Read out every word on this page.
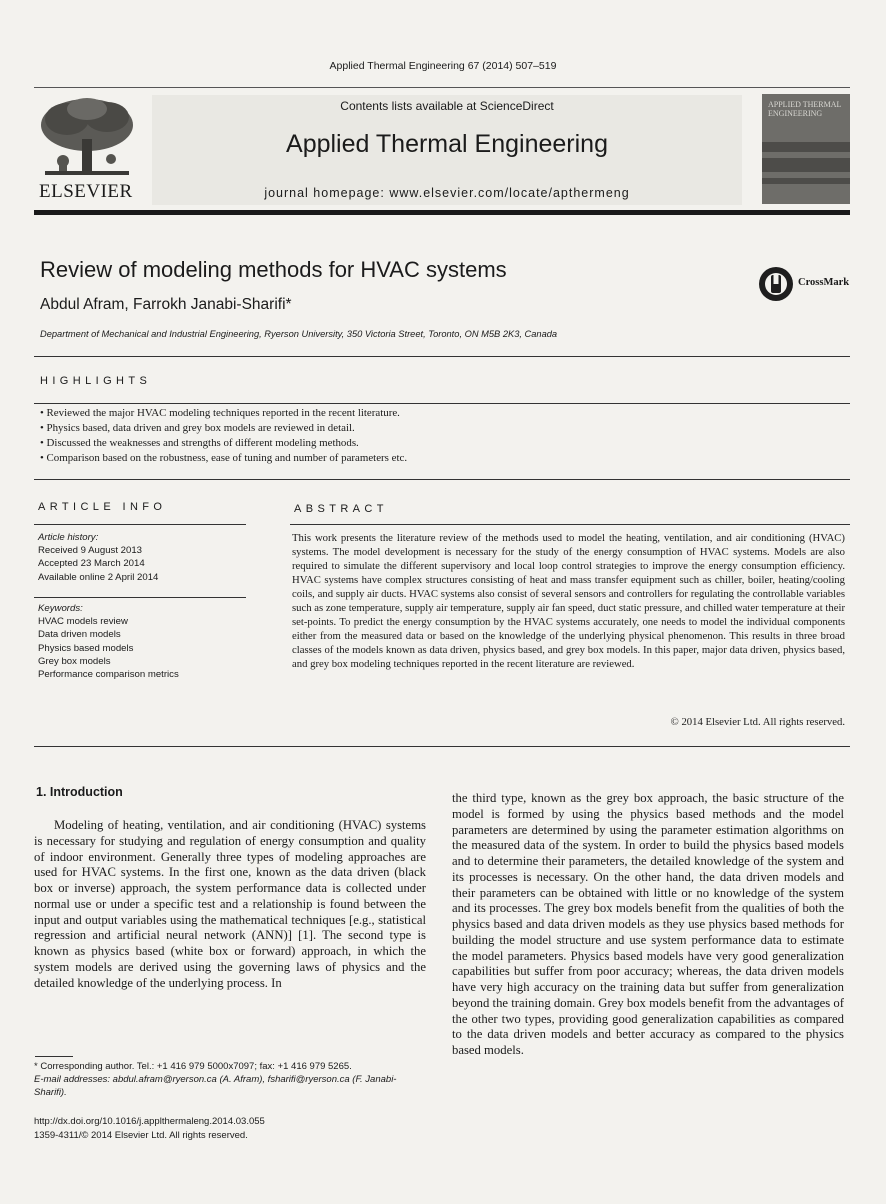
Applied Thermal Engineering 67 (2014) 507–519
ELSEVIER
Contents lists available at ScienceDirect
Applied Thermal Engineering
journal homepage: www.elsevier.com/locate/apthermeng
APPLIED THERMAL ENGINEERING
Review of modeling methods for HVAC systems
Abdul Afram, Farrokh Janabi-Sharifi*
Department of Mechanical and Industrial Engineering, Ryerson University, 350 Victoria Street, Toronto, ON M5B 2K3, Canada
CrossMark
HIGHLIGHTS
• Reviewed the major HVAC modeling techniques reported in the recent literature.
• Physics based, data driven and grey box models are reviewed in detail.
• Discussed the weaknesses and strengths of different modeling methods.
• Comparison based on the robustness, ease of tuning and number of parameters etc.
ARTICLE INFO
Article history:
Received 9 August 2013
Accepted 23 March 2014
Available online 2 April 2014
Keywords:
HVAC models review
Data driven models
Physics based models
Grey box models
Performance comparison metrics
ABSTRACT

This work presents the literature review of the methods used to model the heating, ventilation, and air conditioning (HVAC) systems. The model development is necessary for the study of the energy consumption of HVAC systems. Models are also required to simulate the different supervisory and local loop control strategies to improve the energy consumption efficiency. HVAC systems have complex structures consisting of heat and mass transfer equipment such as chiller, boiler, heating/cooling coils, and supply air ducts. HVAC systems also consist of several sensors and controllers for regulating the controllable variables such as zone temperature, supply air temperature, supply air fan speed, duct static pressure, and chilled water temperature at their set-points. To predict the energy consumption by the HVAC systems accurately, one needs to model the individual components either from the measured data or based on the knowledge of the underlying physical phenomenon. This results in three broad classes of the models known as data driven, physics based, and grey box models. In this paper, major data driven, physics based, and grey box modeling techniques reported in the recent literature are reviewed.

© 2014 Elsevier Ltd. All rights reserved.
1. Introduction

Modeling of heating, ventilation, and air conditioning (HVAC) systems is necessary for studying and regulation of energy consumption and quality of indoor environment. Generally three types of modeling approaches are used for HVAC systems. In the first one, known as the data driven (black box or inverse) approach, the system performance data is collected under normal use or under a specific test and a relationship is found between the input and output variables using the mathematical techniques [e.g., statistical regression and artificial neural network (ANN)] [1]. The second type is known as physics based (white box or forward) approach, in which the system models are derived using the governing laws of physics and the detailed knowledge of the underlying process. In

the third type, known as the grey box approach, the basic structure of the model is formed by using the physics based methods and the model parameters are determined by using the parameter estimation algorithms on the measured data of the system. In order to build the physics based models and to determine their parameters, the detailed knowledge of the system and its processes is necessary. On the other hand, the data driven models and their parameters can be obtained with little or no knowledge of the system and its processes. The grey box models benefit from the qualities of both the physics based and data driven models as they use physics based methods for building the model structure and use system performance data to estimate the model parameters. Physics based models have very good generalization capabilities but suffer from poor accuracy; whereas, the data driven models have very high accuracy on the training data but suffer from generalization beyond the training domain. Grey box models benefit from the advantages of the other two types, providing good generalization capabilities as compared to the data driven models and better accuracy as compared to the physics based models.

* Corresponding author. Tel.: +1 416 979 5000x7097; fax: +1 416 979 5265.
E-mail addresses: abdul.afram@ryerson.ca (A. Afram), fsharifi@ryerson.ca (F. Janabi-Sharifi).
http://dx.doi.org/10.1016/j.applthermaleng.2014.03.055
1359-4311/© 2014 Elsevier Ltd. All rights reserved.
